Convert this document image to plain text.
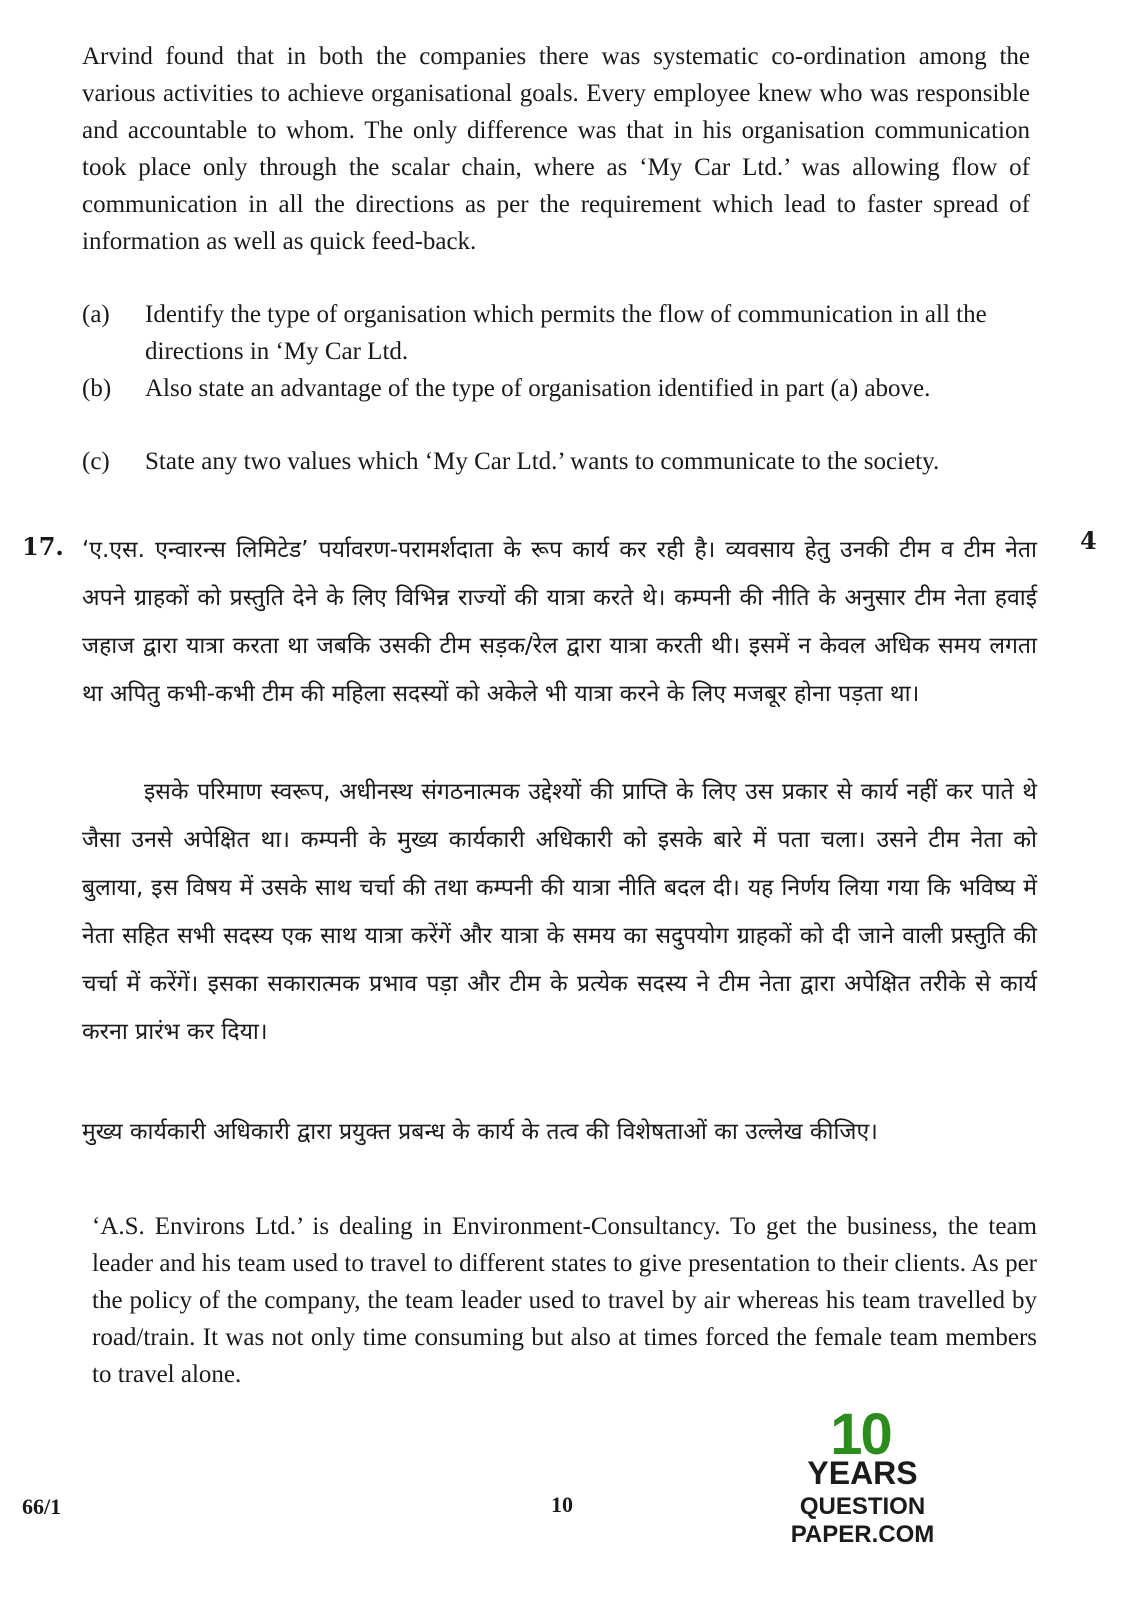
Arvind found that in both the companies there was systematic co-ordination among the various activities to achieve organisational goals. Every employee knew who was responsible and accountable to whom. The only difference was that in his organisation communication took place only through the scalar chain, where as ‘My Car Ltd.’ was allowing flow of communication in all the directions as per the requirement which lead to faster spread of information as well as quick feed-back.

(a) Identify the type of organisation which permits the flow of communication in all the directions in ‘My Car Ltd.
(b) Also state an advantage of the type of organisation identified in part (a) above.
(c) State any two values which ‘My Car Ltd.’ wants to communicate to the society.
17.	4

‘ए.एस. एन्वारन्स लिमिटेड’ पर्यावरण-परामर्शदाता के रूप कार्य कर रही है। व्यवसाय हेतु उनकी टीम व टीम नेता अपने ग्राहकों को प्रस्तुति देने के लिए विभिन्न राज्यों की यात्रा करते थे। कम्पनी की नीति के अनुसार टीम नेता हवाई जहाज द्वारा यात्रा करता था जबकि उसकी टीम सड़क/रेल द्वारा यात्रा करती थी। इसमें न केवल अधिक समय लगता था अपितु कभी-कभी टीम की महिला सदस्यों को अकेले भी यात्रा करने के लिए मजबूर होना पड़ता था।

इसके परिमाण स्वरूप, अधीनस्थ संगठनात्मक उद्देश्यों की प्राप्ति के लिए उस प्रकार से कार्य नहीं कर पाते थे जैसा उनसे अपेक्षित था। कम्पनी के मुख्य कार्यकारी अधिकारी को इसके बारे में पता चला। उसने टीम नेता को बुलाया, इस विषय में उसके साथ चर्चा की तथा कम्पनी की यात्रा नीति बदल दी। यह निर्णय लिया गया कि भविष्य में नेता सहित सभी सदस्य एक साथ यात्रा करेंगें और यात्रा के समय का सदुपयोग ग्राहकों को दी जाने वाली प्रस्तुति की चर्चा में करेंगें। इसका सकारात्मक प्रभाव पड़ा और टीम के प्रत्येक सदस्य ने टीम नेता द्वारा अपेक्षित तरीके से कार्य करना प्रारंभ कर दिया।

मुख्य कार्यकारी अधिकारी द्वारा प्रयुक्त प्रबन्ध के कार्य के तत्व की विशेषताओं का उल्लेख कीजिए।

‘A.S. Environs Ltd.’ is dealing in Environment-Consultancy. To get the business, the team leader and his team used to travel to different states to give presentation to their clients. As per the policy of the company, the team leader used to travel by air whereas his team travelled by road/train. It was not only time consuming but also at times forced the female team members to travel alone.

66/1	10
10
YEARS
QUESTION PAPER.COM
